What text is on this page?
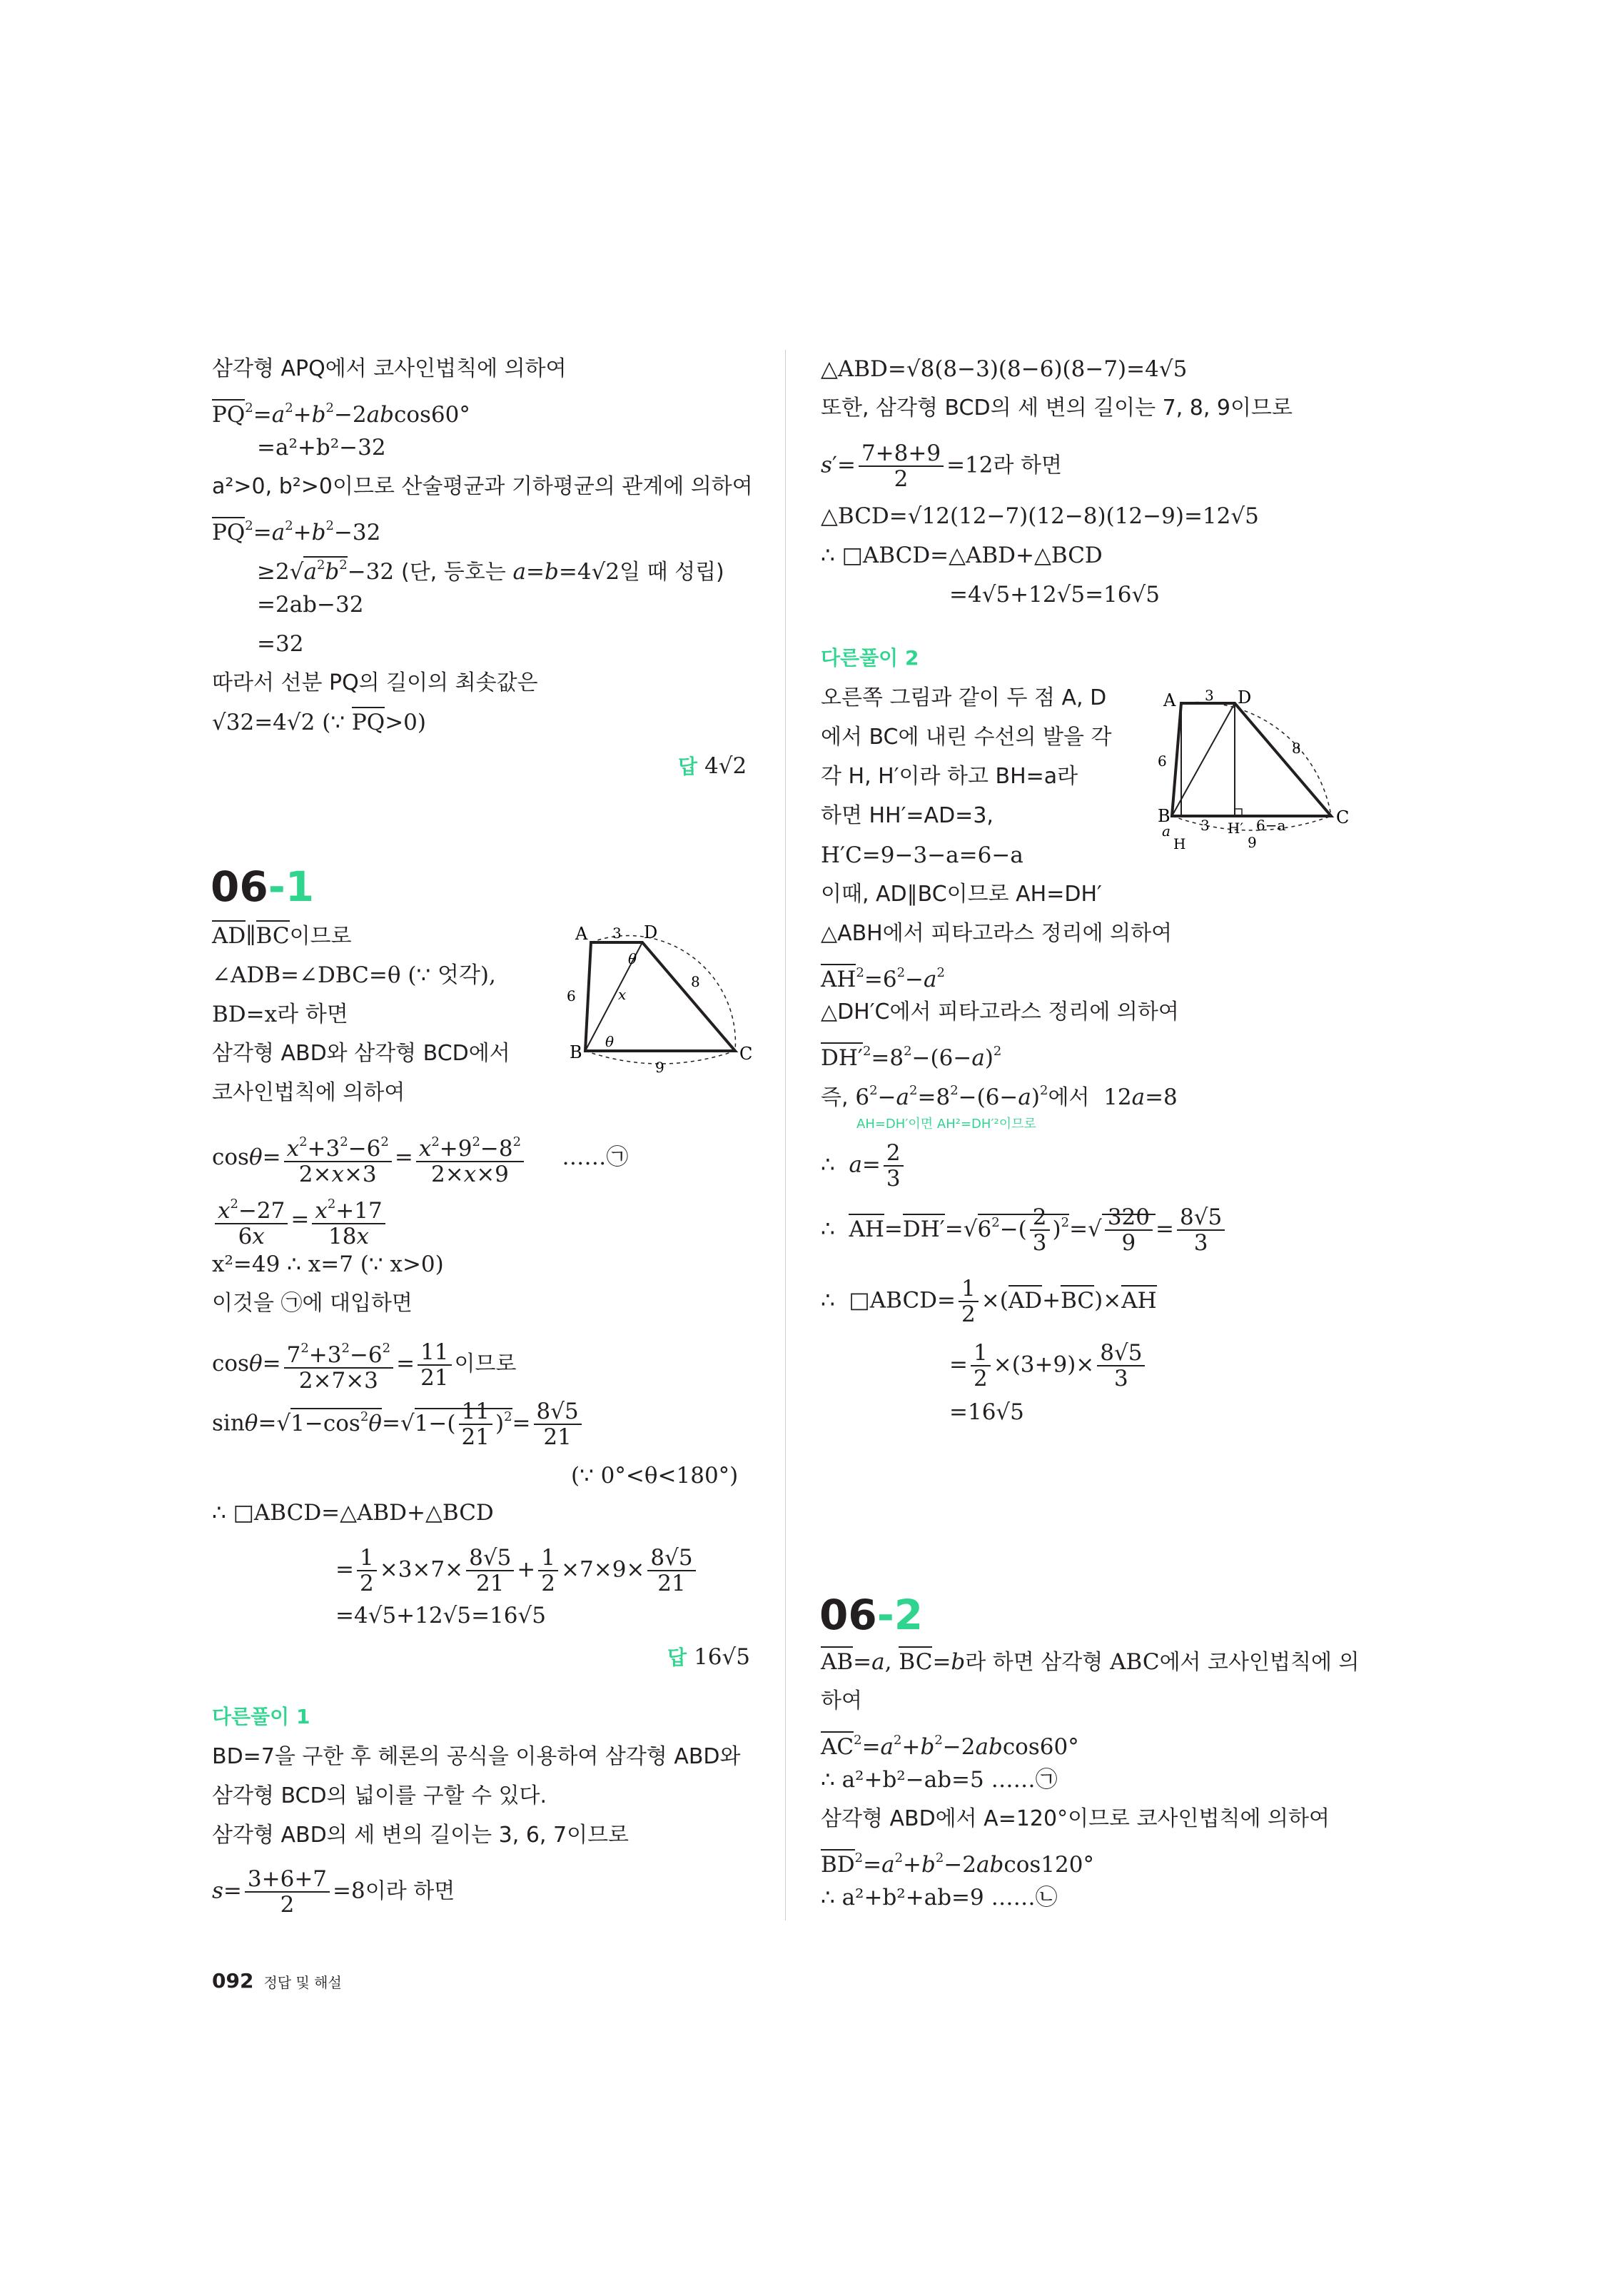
삼각형 APQ에서 코사인법칙에 의하여
$PQ^2=a^2+b^2-2abcos60^\circ$
=a²+b²−32
a²>0, b²>0이므로 산술평균과 기하평균의 관계에 의하여
$PQ^2=a^2+b^2-32$
$\ge 2√a^2b^2-32$ (단, 등호는 a=b=4√2일 때 성립)
=2ab−32
=32
따라서 선분 PQ의 길이의 최솟값은
√32=4√2 (∵ PQ>0)
답 4√2
06-1
AD∥BC이므로
∠ADB=∠DBC=θ (∵ 엇각),
BD=x라 하면
삼각형 ABD와 삼각형 BCD에서
코사인법칙에 의하여
A	D
B	C
3
6
8
9
x
θ
θ
$\cos\theta= \frac{x^2+3^2-6^2}{2\times x\times 3} = \frac{x^2+9^2-8^2}{2\times x\times 9}$ ……㉠
$\frac{x^2-27}{6x} = \frac{x^2+17}{18x}$
x²=49 ∴ x=7 (∵ x>0)
이것을 ㉠에 대입하면
$\cos\theta= \frac{7^2+3^2-6^2}{2\times 7\times 3} = \frac{11}{21}$ 이므로
$\sin\theta=√1-\cos^2\theta=√1-( \frac{11}{21} )^2= \frac{8√5}{21}$
(∵ 0°<θ<180°)
∴ □ABCD=△ABD+△BCD
= $\frac{1}{2} \times 3\times 7\times \frac{8√5}{21} + \frac{1}{2} \times 7\times 9\times \frac{8√5}{21}$
=4√5+12√5=16√5
답 16√5
다른풀이 1
BD=7을 구한 후 헤론의 공식을 이용하여 삼각형 ABD와
삼각형 BCD의 넓이를 구할 수 있다.
삼각형 ABD의 세 변의 길이는 3, 6, 7이므로
$s= \frac{3+6+7}{2} =8$이라 하면
△ABD=√8(8−3)(8−6)(8−7)=4√5
또한, 삼각형 BCD의 세 변의 길이는 7, 8, 9이므로
$s'= \frac{7+8+9}{2} =12$라 하면
△BCD=√12(12−7)(12−8)(12−9)=12√5
∴ □ABCD=△ABD+△BCD
=4√5+12√5=16√5
다른풀이 2
오른쪽 그림과 같이 두 점 A, D
에서 BC에 내린 수선의 발을 각
각 H, H′이라 하고 BH=a라
하면 HH′=AD=3,
H′C=9−3−a=6−a
이때, AD∥BC이므로 AH=DH′
A	D
B	C
H
H′
3
6
8
3	6−a
a
9
△ABH에서 피타고라스 정리에 의하여
$AH^2=6^2-a^2$
△DH′C에서 피타고라스 정리에 의하여
$DH'^2=8^2-(6-a)^2$
즉, $6^2-a^2=8^2-(6-a)^2$에서  12a=8
AH=DH′이면 AH²=DH′²이므로
∴  $a= \frac{2}{3}$
∴  $AH=DH'=√6^2-( \frac{2}{3} )^2=√ \frac{320}{9} = \frac{8√5}{3}$
∴  □ABCD= $\frac{1}{2} \times(AD+BC)\times AH$
= $\frac{1}{2} \times(3+9)\times \frac{8√5}{3}$
=16√5
06-2
AB=a, BC=b라 하면 삼각형 ABC에서 코사인법칙에 의
하여
$AC^2=a^2+b^2-2abcos60^\circ$
∴ a²+b²−ab=5 ……㉠
삼각형 ABD에서 A=120°이므로 코사인법칙에 의하여
$BD^2=a^2+b^2-2abcos120^\circ$
∴ a²+b²+ab=9 ……㉡
092 정답 및 해설
